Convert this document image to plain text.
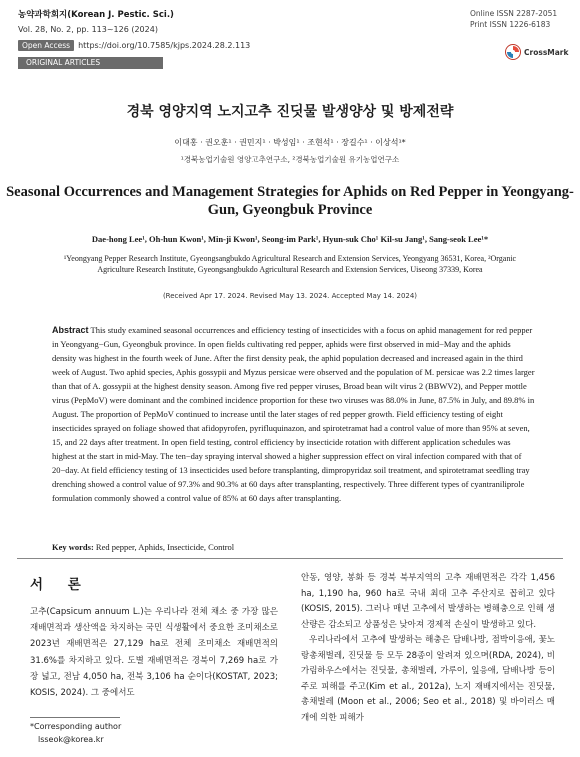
농약과학회지(Korean J. Pestic. Sci.)
Vol. 28, No. 2, pp. 113~126 (2024)
Open Access	https://doi.org/10.7585/kjps.2024.28.2.113
ORIGINAL ARTICLES
Online ISSN 2287-2051
Print ISSN 1226-6183
CrossMark
경북 영양지역 노지고추 진딧물 발생양상 및 방제전략
이대홍 · 권오훈¹ · 권민지¹ · 박성임¹ · 조현석¹ · 장길수¹ · 이상석¹*
¹경북농업기술원 영양고추연구소, ²경북농업기술원 유기농업연구소
Seasonal Occurrences and Management Strategies for Aphids on Red Pepper in Yeongyang-Gun, Gyeongbuk Province
Dae-hong Lee¹, Oh-hun Kwon¹, Min-ji Kwon¹, Seong-im Park¹, Hyun-suk Cho¹ Kil-su Jang¹, Sang-seok Lee¹*
¹Yeongyang Pepper Research Institute, Gyeongsangbukdo Agricultural Research and Extension Services, Yeongyang 36531, Korea, ²Organic Agriculture Research Institute, Gyeongsangbukdo Agricultural Research and Extension Services, Uiseong 37339, Korea
(Received Apr 17. 2024. Revised May 13. 2024. Accepted May 14. 2024)
Abstract This study examined seasonal occurrences and efficiency testing of insecticides with a focus on aphid management for red pepper in Yeongyang−Gun, Gyeongbuk province. In open fields cultivating red pepper, aphids were first observed in mid−May and the aphids density was highest in the fourth week of June. After the first density peak, the aphid population decreased and increased again in the third week of August. Two aphid species, Aphis gossypii and Myzus persicae were observed and the population of M. persicae was 2.2 times larger than that of A. gossypii at the highest density season. Among five red pepper viruses, Broad bean wilt virus 2 (BBWV2), and Pepper mottle virus (PepMoV) were dominant and the combined incidence proportion for these two viruses was 88.0% in June, 87.5% in July, and 89.8% in August. The proportion of PepMoV continued to increase until the later stages of red pepper growth. Field efficiency testing of eight insecticides sprayed on foliage showed that afidopyrofen, pyrifluquinazon, and spirotetramat had a control value of more than 95% at seven, 15, and 22 days after treatment. In open field testing, control efficiency by insecticide rotation with different application schedules was highest at the start in mid-May. The ten−day spraying interval showed a higher suppression effect on viral infection compared with that of 20−day. At field efficiency testing of 13 insecticides used before transplanting, dimpropyridaz soil treatment, and spirotetramat seedling tray drenching showed a control value of 97.3% and 90.3% at 60 days after transplanting, respectively. Three different types of cyantraniliprole formulation commonly showed a control value of 85% at 60 days after transplanting.
Key words: Red pepper, Aphids, Insecticide, Control
서 론
고추(Capsicum annuum L.)는 우리나라 전체 채소 중 가장 많은 재배면적과 생산액을 차지하는 국민 식생활에서 중요한 조미채소로 2023년 재배면적은 27,129 ha로 전체 조미채소 재배면적의 31.6%를 차지하고 있다. 도별 재배면적은 경북이 7,269 ha로 가장 넓고, 전남 4,050 ha, 전북 3,106 ha 순이다(KOSTAT, 2023; KOSIS, 2024). 그 중에서도
안동, 영양, 봉화 등 경북 북부지역의 고추 재배면적은 각각 1,456 ha, 1,190 ha, 960 ha로 국내 최대 고추 주산지로 꼽히고 있다(KOSIS, 2015). 그러나 매년 고추에서 발생하는 병해충으로 인해 생산량은 감소되고 상품성은 낮아져 경제적 손실이 발생하고 있다.
우리나라에서 고추에 발생하는 해충은 담배나방, 점박이응애, 꽃노랑총채벌레, 진딧물 등 모두 28종이 알려져 있으며(RDA, 2024), 비가림하우스에서는 진딧물, 총채벌레, 가루이, 잎응애, 담배나방 등이 주로 피해를 주고(Kim et al., 2012a), 노지 재배지에서는 진딧물, 총채벌레 (Moon et al., 2006; Seo et al., 2018) 및 바이러스 매개에 의한 피해가
*Corresponding author
lsseok@korea.kr
